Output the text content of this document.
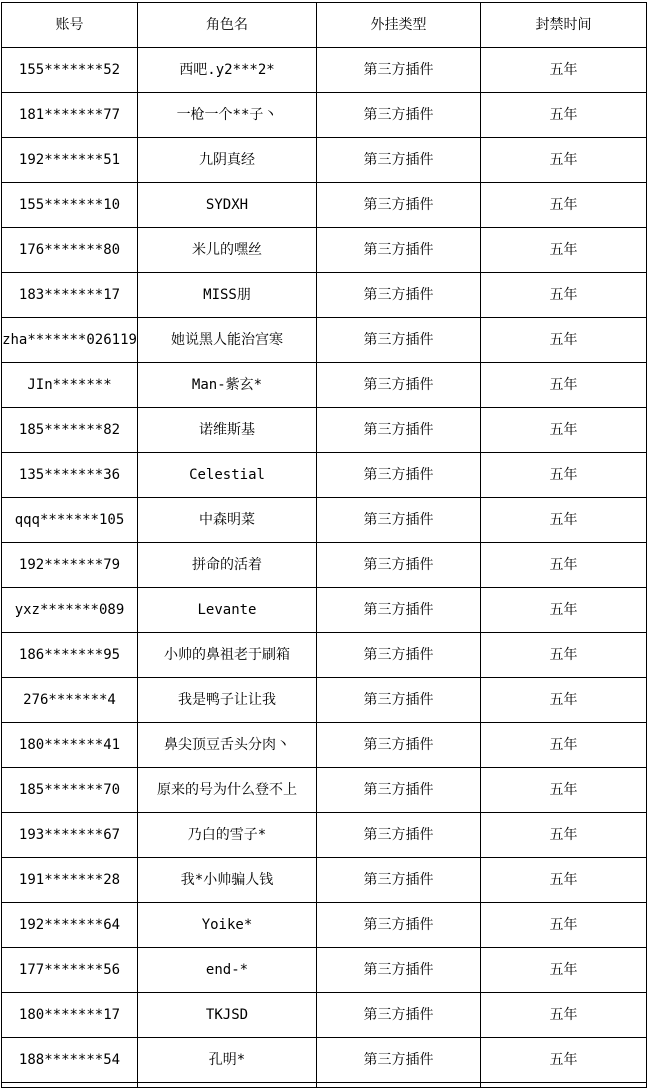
账号	角色名	外挂类型	封禁时间
155*******52	西吧.y2***2*	第三方插件	五年
181*******77	一枪一个**子丶	第三方插件	五年
192*******51	九阴真经	第三方插件	五年
155*******10	SYDXH	第三方插件	五年
176*******80	米儿的嘿丝	第三方插件	五年
183*******17	MISS朋	第三方插件	五年
zha*******026119	她说黑人能治宫寒	第三方插件	五年
JIn*******	Man-紫玄*	第三方插件	五年
185*******82	诺维斯基	第三方插件	五年
135*******36	Celestial	第三方插件	五年
qqq*******105	中森明菜	第三方插件	五年
192*******79	拼命的活着	第三方插件	五年
yxz*******089	Levante	第三方插件	五年
186*******95	小帅的鼻祖老于刷箱	第三方插件	五年
276*******4	我是鸭子让让我	第三方插件	五年
180*******41	鼻尖顶豆舌头分肉丶	第三方插件	五年
185*******70	原来的号为什么登不上	第三方插件	五年
193*******67	乃白的雪子*	第三方插件	五年
191*******28	我*小帅骗人钱	第三方插件	五年
192*******64	Yoike*	第三方插件	五年
177*******56	end-*	第三方插件	五年
180*******17	TKJSD	第三方插件	五年
188*******54	孔明*	第三方插件	五年
